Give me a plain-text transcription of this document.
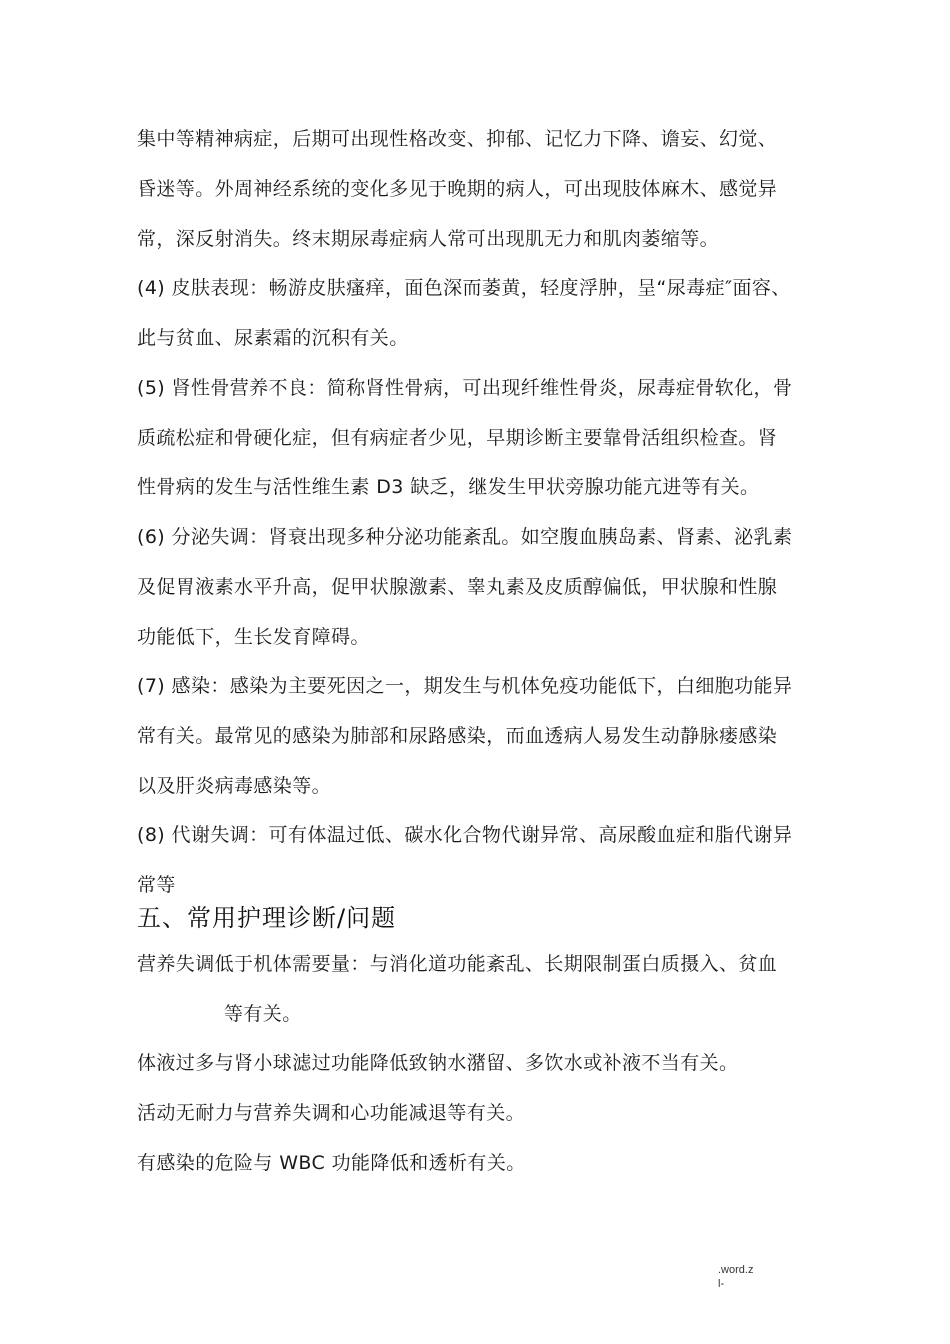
集中等精神病症，后期可出现性格改变、抑郁、记忆力下降、谵妄、幻觉、
昏迷等。外周神经系统的变化多见于晚期的病人，可出现肢体麻木、感觉异
常，深反射消失。终末期尿毒症病人常可出现肌无力和肌肉萎缩等。
(4) 皮肤表现：畅游皮肤瘙痒，面色深而萎黄，轻度浮肿，呈“尿毒症″面容、
此与贫血、尿素霜的沉积有关。
(5) 肾性骨营养不良：简称肾性骨病，可出现纤维性骨炎，尿毒症骨软化，骨
质疏松症和骨硬化症，但有病症者少见，早期诊断主要靠骨活组织检查。肾
性骨病的发生与活性维生素 D3 缺乏，继发生甲状旁腺功能亢进等有关。
(6) 分泌失调：肾衰出现多种分泌功能紊乱。如空腹血胰岛素、肾素、泌乳素
及促胃液素水平升高，促甲状腺激素、睾丸素及皮质醇偏低，甲状腺和性腺
功能低下，生长发育障碍。
(7) 感染：感染为主要死因之一，期发生与机体免疫功能低下，白细胞功能异
常有关。最常见的感染为肺部和尿路感染，而血透病人易发生动静脉瘘感染
以及肝炎病毒感染等。
(8) 代谢失调：可有体温过低、碳水化合物代谢异常、高尿酸血症和脂代谢异
常等
五、常用护理诊断/问题
营养失调低于机体需要量：与消化道功能紊乱、长期限制蛋白质摄入、贫血
等有关。
体液过多与肾小球滤过功能降低致钠水潴留、多饮水或补液不当有关。
活动无耐力与营养失调和心功能减退等有关。
有感染的危险与 WBC 功能降低和透析有关。
.word.z
l-
